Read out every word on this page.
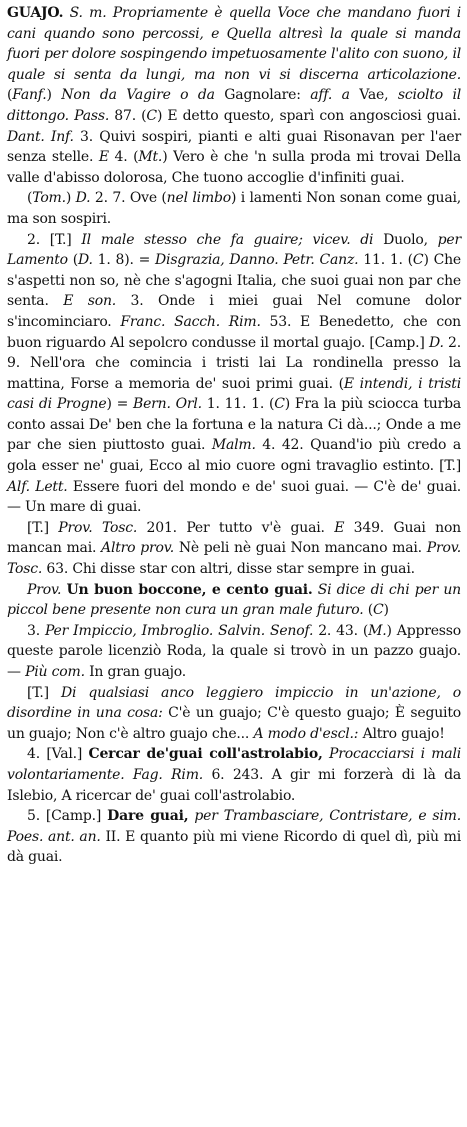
GUAJO. S. m. Propriamente è quella Voce che mandano fuori i cani quando sono percossi, e Quella altresì la quale si manda fuori per dolore sospingendo impetuosamente l'alito con suono, il quale si senta da lungi, ma non vi si discerna articolazione. (Fanf.) Non da Vagire o da Gagnolare: aff. a Vae, sciolto il dittongo. Pass. 87. (C) E detto questo, sparì con angosciosi guai. Dant. Inf. 3. Quivi sospiri, pianti e alti guai Risonavan per l'aer senza stelle. E 4. (Mt.) Vero è che 'n sulla proda mi trovai Della valle d'abisso dolorosa, Che tuono accoglie d'infiniti guai.

(Tom.) D. 2. 7. Ove (nel limbo) i lamenti Non sonan come guai, ma son sospiri.

2. [T.] Il male stesso che fa guaire; vicev. di Duolo, per Lamento (D. 1. 8). = Disgrazia, Danno. Petr. Canz. 11. 1. (C) Che s'aspetti non so, nè che s'agogni Italia, che suoi guai non par che senta. E son. 3. Onde i miei guai Nel comune dolor s'incominciaro. Franc. Sacch. Rim. 53. E Benedetto, che con buon riguardo Al sepolcro condusse il mortal guajo. [Camp.] D. 2. 9. Nell'ora che comincia i tristi lai La rondinella presso la mattina, Forse a memoria de' suoi primi guai. (E intendi, i tristi casi di Progne) = Bern. Orl. 1. 11. 1. (C) Fra la più sciocca turba conto assai De' ben che la fortuna e la natura Ci dà...; Onde a me par che sien piuttosto guai. Malm. 4. 42. Quand'io più credo a gola esser ne' guai, Ecco al mio cuore ogni travaglio estinto. [T.] Alf. Lett. Essere fuori del mondo e de' suoi guai. — C'è de' guai. — Un mare di guai.

[T.] Prov. Tosc. 201. Per tutto v'è guai. E 349. Guai non mancan mai. Altro prov. Nè peli nè guai Non mancano mai. Prov. Tosc. 63. Chi disse star con altri, disse star sempre in guai.

Prov. Un buon boccone, e cento guai. Si dice di chi per un piccol bene presente non cura un gran male futuro. (C)

3. Per Impiccio, Imbroglio. Salvin. Senof. 2. 43. (M.) Appresso queste parole licenziò Roda, la quale si trovò in un pazzo guajo. — Più com. In gran guajo.

[T.] Di qualsiasi anco leggiero impiccio in un'azione, o disordine in una cosa: C'è un guajo; C'è questo guajo; È seguito un guajo; Non c'è altro guajo che... A modo d'escl.: Altro guajo!

4. [Val.] Cercar de'guai coll'astrolabio, Procacciarsi i mali volontariamente. Fag. Rim. 6. 243. A gir mi forzerà di là da Islebio, A ricercar de' guai coll'astrolabio.

5. [Camp.] Dare guai, per Trambasciare, Contristare, e sim. Poes. ant. an. II. E quanto più mi viene Ricordo di quel dì, più mi dà guai.
